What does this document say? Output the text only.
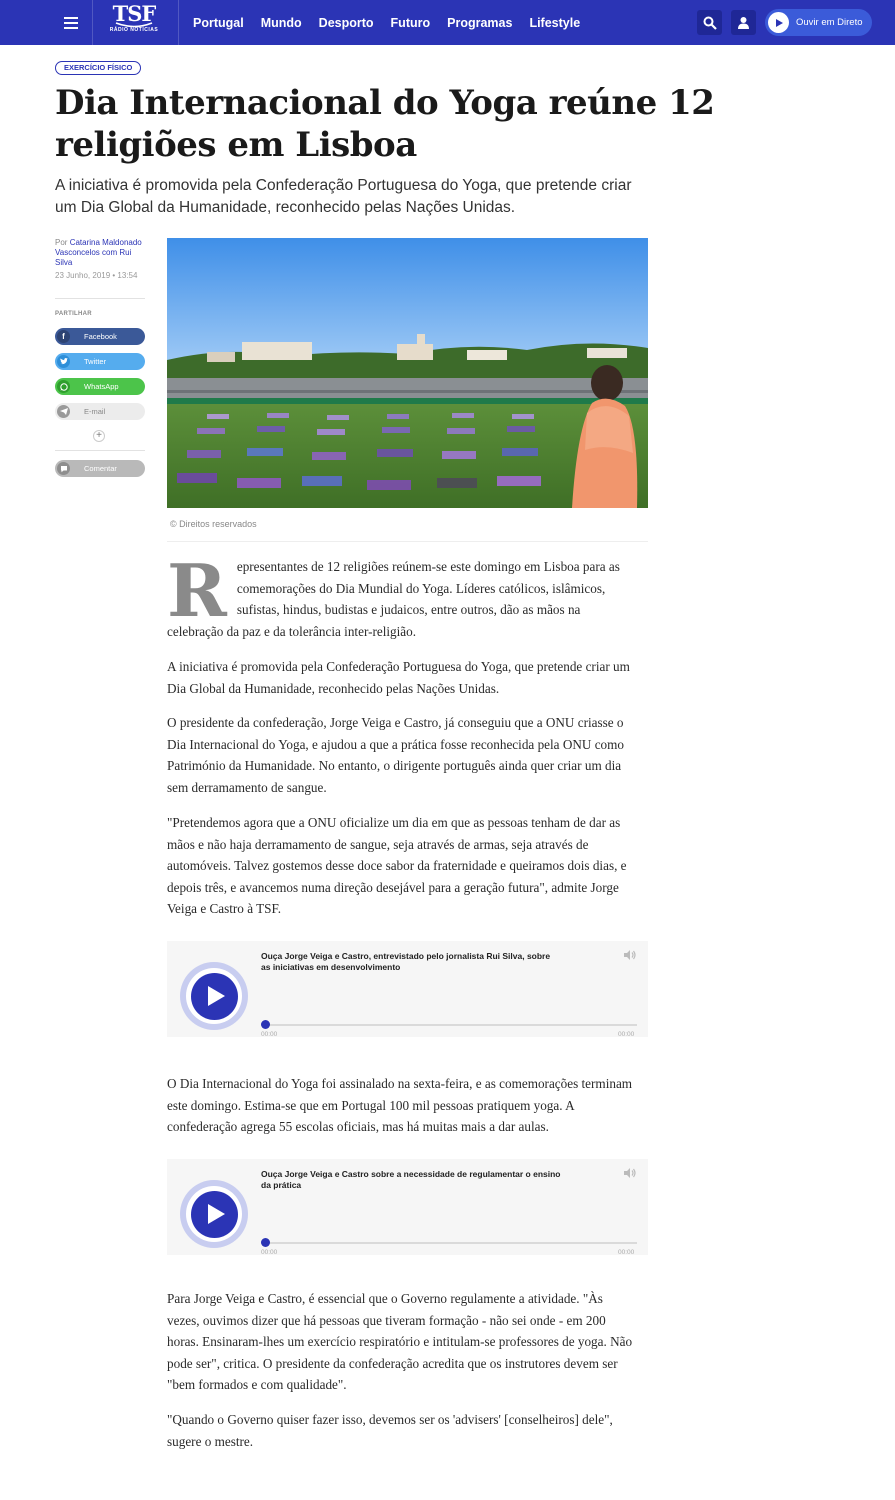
TSF
RÁDIO NOTÍCIAS
Portugal Mundo Desporto Futuro Programas Lifestyle	Ouvir em Direto
EXERCÍCIO FÍSICO
Dia Internacional do Yoga reúne 12 religiões em Lisboa

A iniciativa é promovida pela Confederação Portuguesa do Yoga, que pretende criar um Dia Global da Humanidade, reconhecido pelas Nações Unidas.

Por Catarina Maldonado Vasconcelos com Rui Silva
23 Junho, 2019 • 13:54
PARTILHAR
f	Facebook
Twitter
WhatsApp
E-mail
+
Comentar
© Direitos reservados
R epresentantes de 12 religiões reúnem-se este domingo em Lisboa para as comemorações do Dia Mundial do Yoga. Líderes católicos, islâmicos, sufistas, hindus, budistas e judaicos, entre outros, dão as mãos na celebração da paz e da tolerância inter-religião.

A iniciativa é promovida pela Confederação Portuguesa do Yoga, que pretende criar um Dia Global da Humanidade, reconhecido pelas Nações Unidas.

O presidente da confederação, Jorge Veiga e Castro, já conseguiu que a ONU criasse o Dia Internacional do Yoga, e ajudou a que a prática fosse reconhecida pela ONU como Património da Humanidade. No entanto, o dirigente português ainda quer criar um dia sem derramamento de sangue.

"Pretendemos agora que a ONU oficialize um dia em que as pessoas tenham de dar as mãos e não haja derramamento de sangue, seja através de armas, seja através de automóveis. Talvez gostemos desse doce sabor da fraternidade e queiramos dois dias, e depois três, e avancemos numa direção desejável para a geração futura", admite Jorge Veiga e Castro à TSF.

Ouça Jorge Veiga e Castro, entrevistado pelo jornalista Rui Silva, sobre as iniciativas em desenvolvimento
00:00	00:00

O Dia Internacional do Yoga foi assinalado na sexta-feira, e as comemorações terminam este domingo. Estima-se que em Portugal 100 mil pessoas pratiquem yoga. A confederação agrega 55 escolas oficiais, mas há muitas mais a dar aulas.

Ouça Jorge Veiga e Castro sobre a necessidade de regulamentar o ensino da prática
00:00	00:00

Para Jorge Veiga e Castro, é essencial que o Governo regulamente a atividade. "Às vezes, ouvimos dizer que há pessoas que tiveram formação - não sei onde - em 200 horas. Ensinaram-lhes um exercício respiratório e intitulam-se professores de yoga. Não pode ser", critica. O presidente da confederação acredita que os instrutores devem ser "bem formados e com qualidade".

"Quando o Governo quiser fazer isso, devemos ser os 'advisers' [conselheiros] dele", sugere o mestre.
